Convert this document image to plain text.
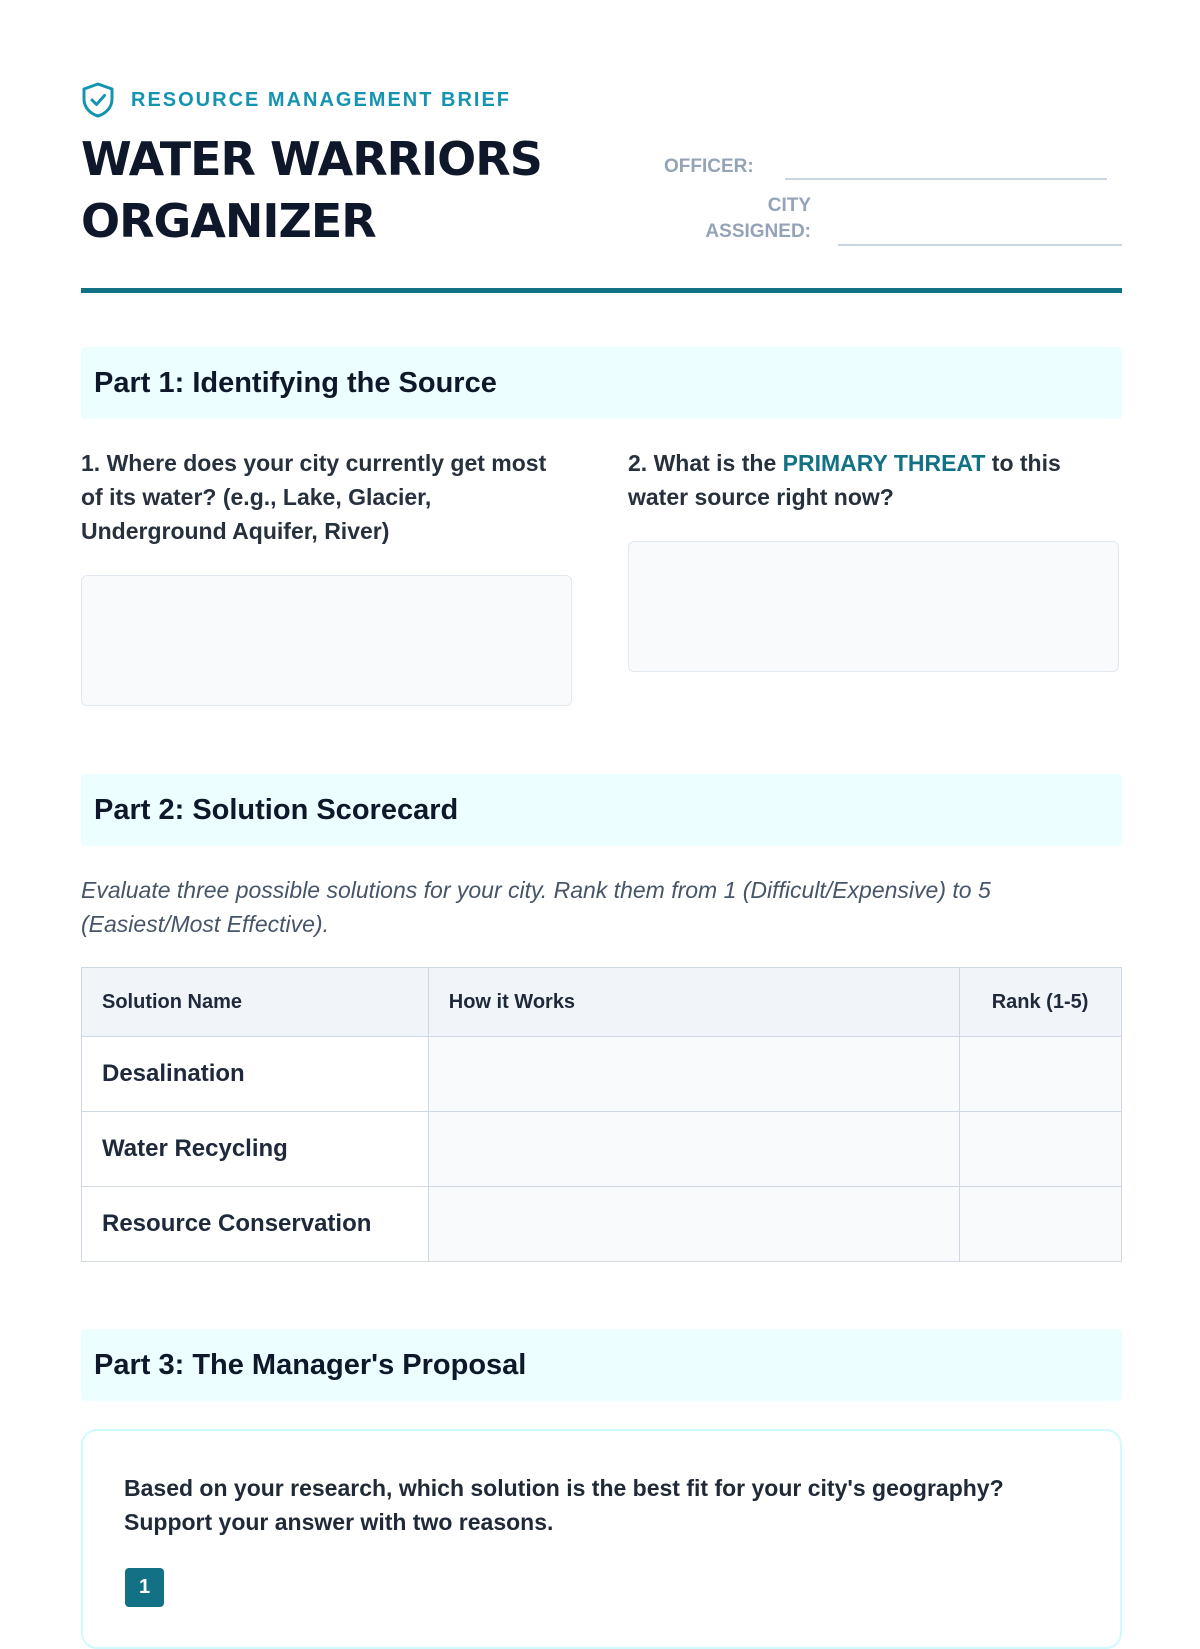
RESOURCE MANAGEMENT BRIEF
WATER WARRIORS
ORGANIZER
OFFICER:
CITY
ASSIGNED:
Part 1: Identifying the Source
1. Where does your city currently get most of its water? (e.g., Lake, Glacier, Underground Aquifer, River)
2. What is the PRIMARY THREAT to this water source right now?
Part 2: Solution Scorecard
Evaluate three possible solutions for your city. Rank them from 1 (Difficult/Expensive) to 5 (Easiest/Most Effective).
Solution Name	How it Works	Rank (1-5)
Desalination		
Water Recycling		
Resource Conservation		
Part 3: The Manager's Proposal
Based on your research, which solution is the best fit for your city's geography? Support your answer with two reasons.
1
